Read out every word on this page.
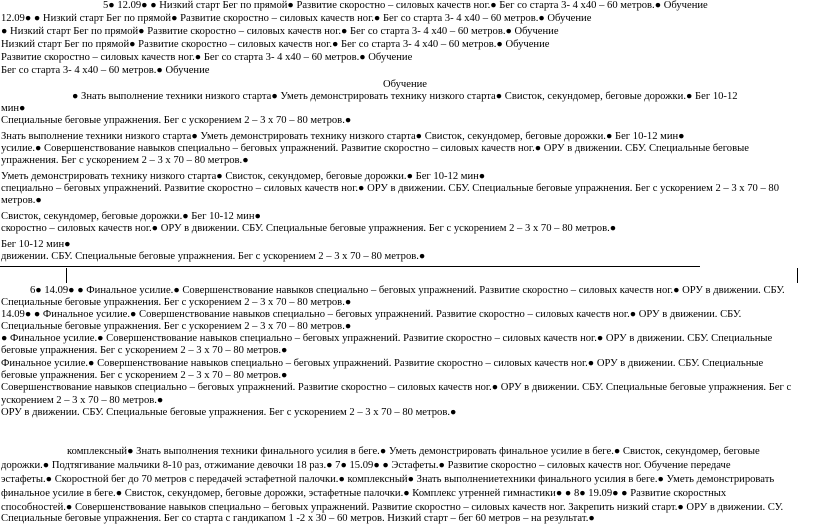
5● 12.09● ● Низкий старт Бег по прямой● Развитие скоростно – силовых качеств ног.● Бег со старта 3- 4 х40 – 60 метров.● Обучение
12.09● ● Низкий старт Бег по прямой● Развитие скоростно – силовых качеств ног.● Бег со старта 3- 4 х40 – 60 метров.● Обучение
● Низкий старт Бег по прямой● Развитие скоростно – силовых качеств ног.● Бег со старта 3- 4 х40 – 60 метров.● Обучение
Низкий старт Бег по прямой● Развитие скоростно – силовых качеств ног.● Бег со старта 3- 4 х40 – 60 метров.● Обучение
Развитие скоростно – силовых качеств ног.● Бег со старта 3- 4 х40 – 60 метров.● Обучение
Бег со старта 3- 4 х40 – 60 метров.● Обучение
Обучение
● Знать выполнение техники низкого старта● Уметь демонстрировать технику низкого старта● Свисток, секундомер, беговые дорожки.● Бег 10-12
мин●
Специальные беговые упражнения. Бег с ускорением 2 – 3 х 70 – 80 метров.●
Знать выполнение техники низкого старта● Уметь демонстрировать технику низкого старта● Свисток, секундомер, беговые дорожки.● Бег 10-12 мин●
усилие.● Совершенствование навыков специально – беговых упражнений. Развитие скоростно – силовых качеств ног.● ОРУ в движении. СБУ. Специальные беговые
упражнения. Бег с ускорением 2 – 3 х 70 – 80 метров.●
Уметь демонстрировать технику низкого старта● Свисток, секундомер, беговые дорожки.● Бег 10-12 мин●
специально – беговых упражнений. Развитие скоростно – силовых качеств ног.● ОРУ в движении. СБУ. Специальные беговые упражнения. Бег с ускорением 2 – 3 х 70 – 80
метров.●
Свисток, секундомер, беговые дорожки.● Бег 10-12 мин●
скоростно – силовых качеств ног.● ОРУ в движении. СБУ. Специальные беговые упражнения. Бег с ускорением 2 – 3 х 70 – 80 метров.●
Бег 10-12 мин●
движении. СБУ. Специальные беговые упражнения. Бег с ускорением 2 – 3 х 70 – 80 метров.●
6● 14.09● ● Финальное усилие.● Совершенствование навыков специально – беговых упражнений. Развитие скоростно – силовых качеств ног.● ОРУ в движении. СБУ.
Специальные беговые упражнения. Бег с ускорением 2 – 3 х 70 – 80 метров.●
14.09● ● Финальное усилие.● Совершенствование навыков специально – беговых упражнений. Развитие скоростно – силовых качеств ног.● ОРУ в движении. СБУ.
Специальные беговые упражнения. Бег с ускорением 2 – 3 х 70 – 80 метров.●
● Финальное усилие.● Совершенствование навыков специально – беговых упражнений. Развитие скоростно – силовых качеств ног.● ОРУ в движении. СБУ. Специальные
беговые упражнения. Бег с ускорением 2 – 3 х 70 – 80 метров.●
Финальное усилие.● Совершенствование навыков специально – беговых упражнений. Развитие скоростно – силовых качеств ног.● ОРУ в движении. СБУ. Специальные
беговые упражнения. Бег с ускорением 2 – 3 х 70 – 80 метров.●
Совершенствование навыков специально – беговых упражнений. Развитие скоростно – силовых качеств ног.● ОРУ в движении. СБУ. Специальные беговые упражнения. Бег с
ускорением 2 – 3 х 70 – 80 метров.●
ОРУ в движении. СБУ. Специальные беговые упражнения. Бег с ускорением 2 – 3 х 70 – 80 метров.●
комплексный● Знать выполнения техники финального усилия в беге.● Уметь демонстрировать финальное усилие в беге.● Свисток, секундомер, беговые
дорожки.● Подтягивание мальчики 8-10 раз, отжимание девочки 18 раз.● 7● 15.09● ● Эстафеты.● Развитие скоростно – силовых качеств ног. Обучение передаче
эстафеты.● Скоростной бег до 70 метров с передачей эстафетной палочки.● комплексный● Знать выполнениетехники финального усилия в беге.● Уметь демонстрировать
финальное усилие в беге.● Свисток, секундомер, беговые дорожки, эстафетные палочки.● Комплекс утренней гимнастики● ● 8● 19.09● ● Развитие скоростных
способностей.● Совершенствование навыков специально – беговых упражнений. Развитие скоростно – силовых качеств ног. Закрепить низкий старт.● ОРУ в движении. СУ.
Специальные беговые упражнения. Бег со старта с гандикапом 1 -2 х 30 – 60 метров. Низкий старт – бег 60 метров – на результат.●
